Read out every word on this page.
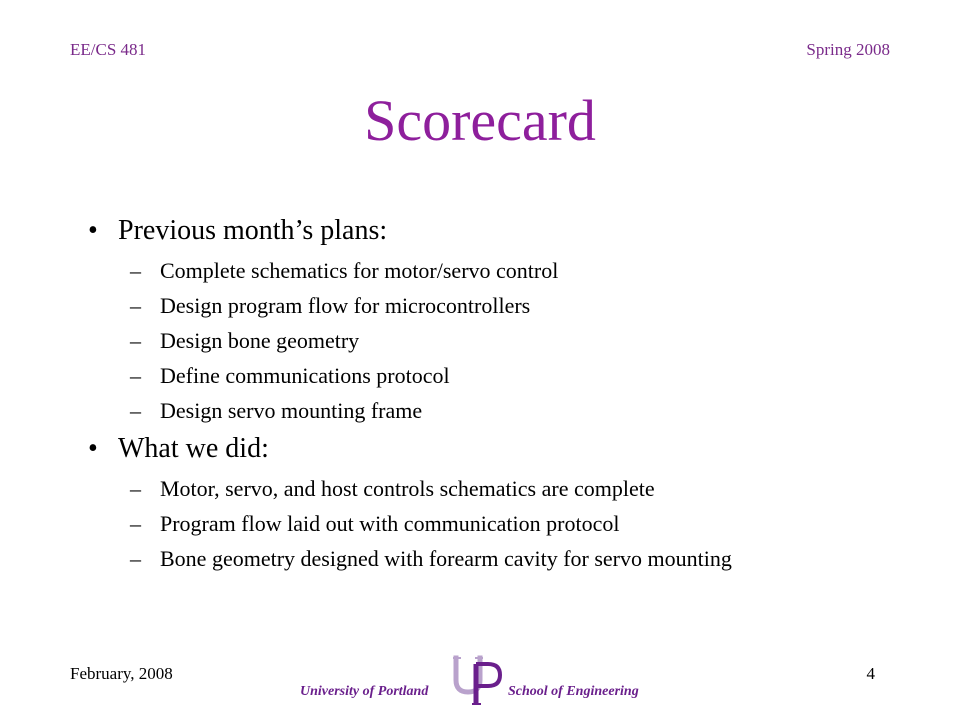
EE/CS 481	Spring 2008
Scorecard
• Previous month’s plans:
– Complete schematics for motor/servo control
– Design program flow for microcontrollers
– Design bone geometry
– Define communications protocol
– Design servo mounting frame
• What we did:
– Motor, servo, and host controls schematics are complete
– Program flow laid out with communication protocol
– Bone geometry designed with forearm cavity for servo mounting
February, 2008	4
University of Portland	School of Engineering
